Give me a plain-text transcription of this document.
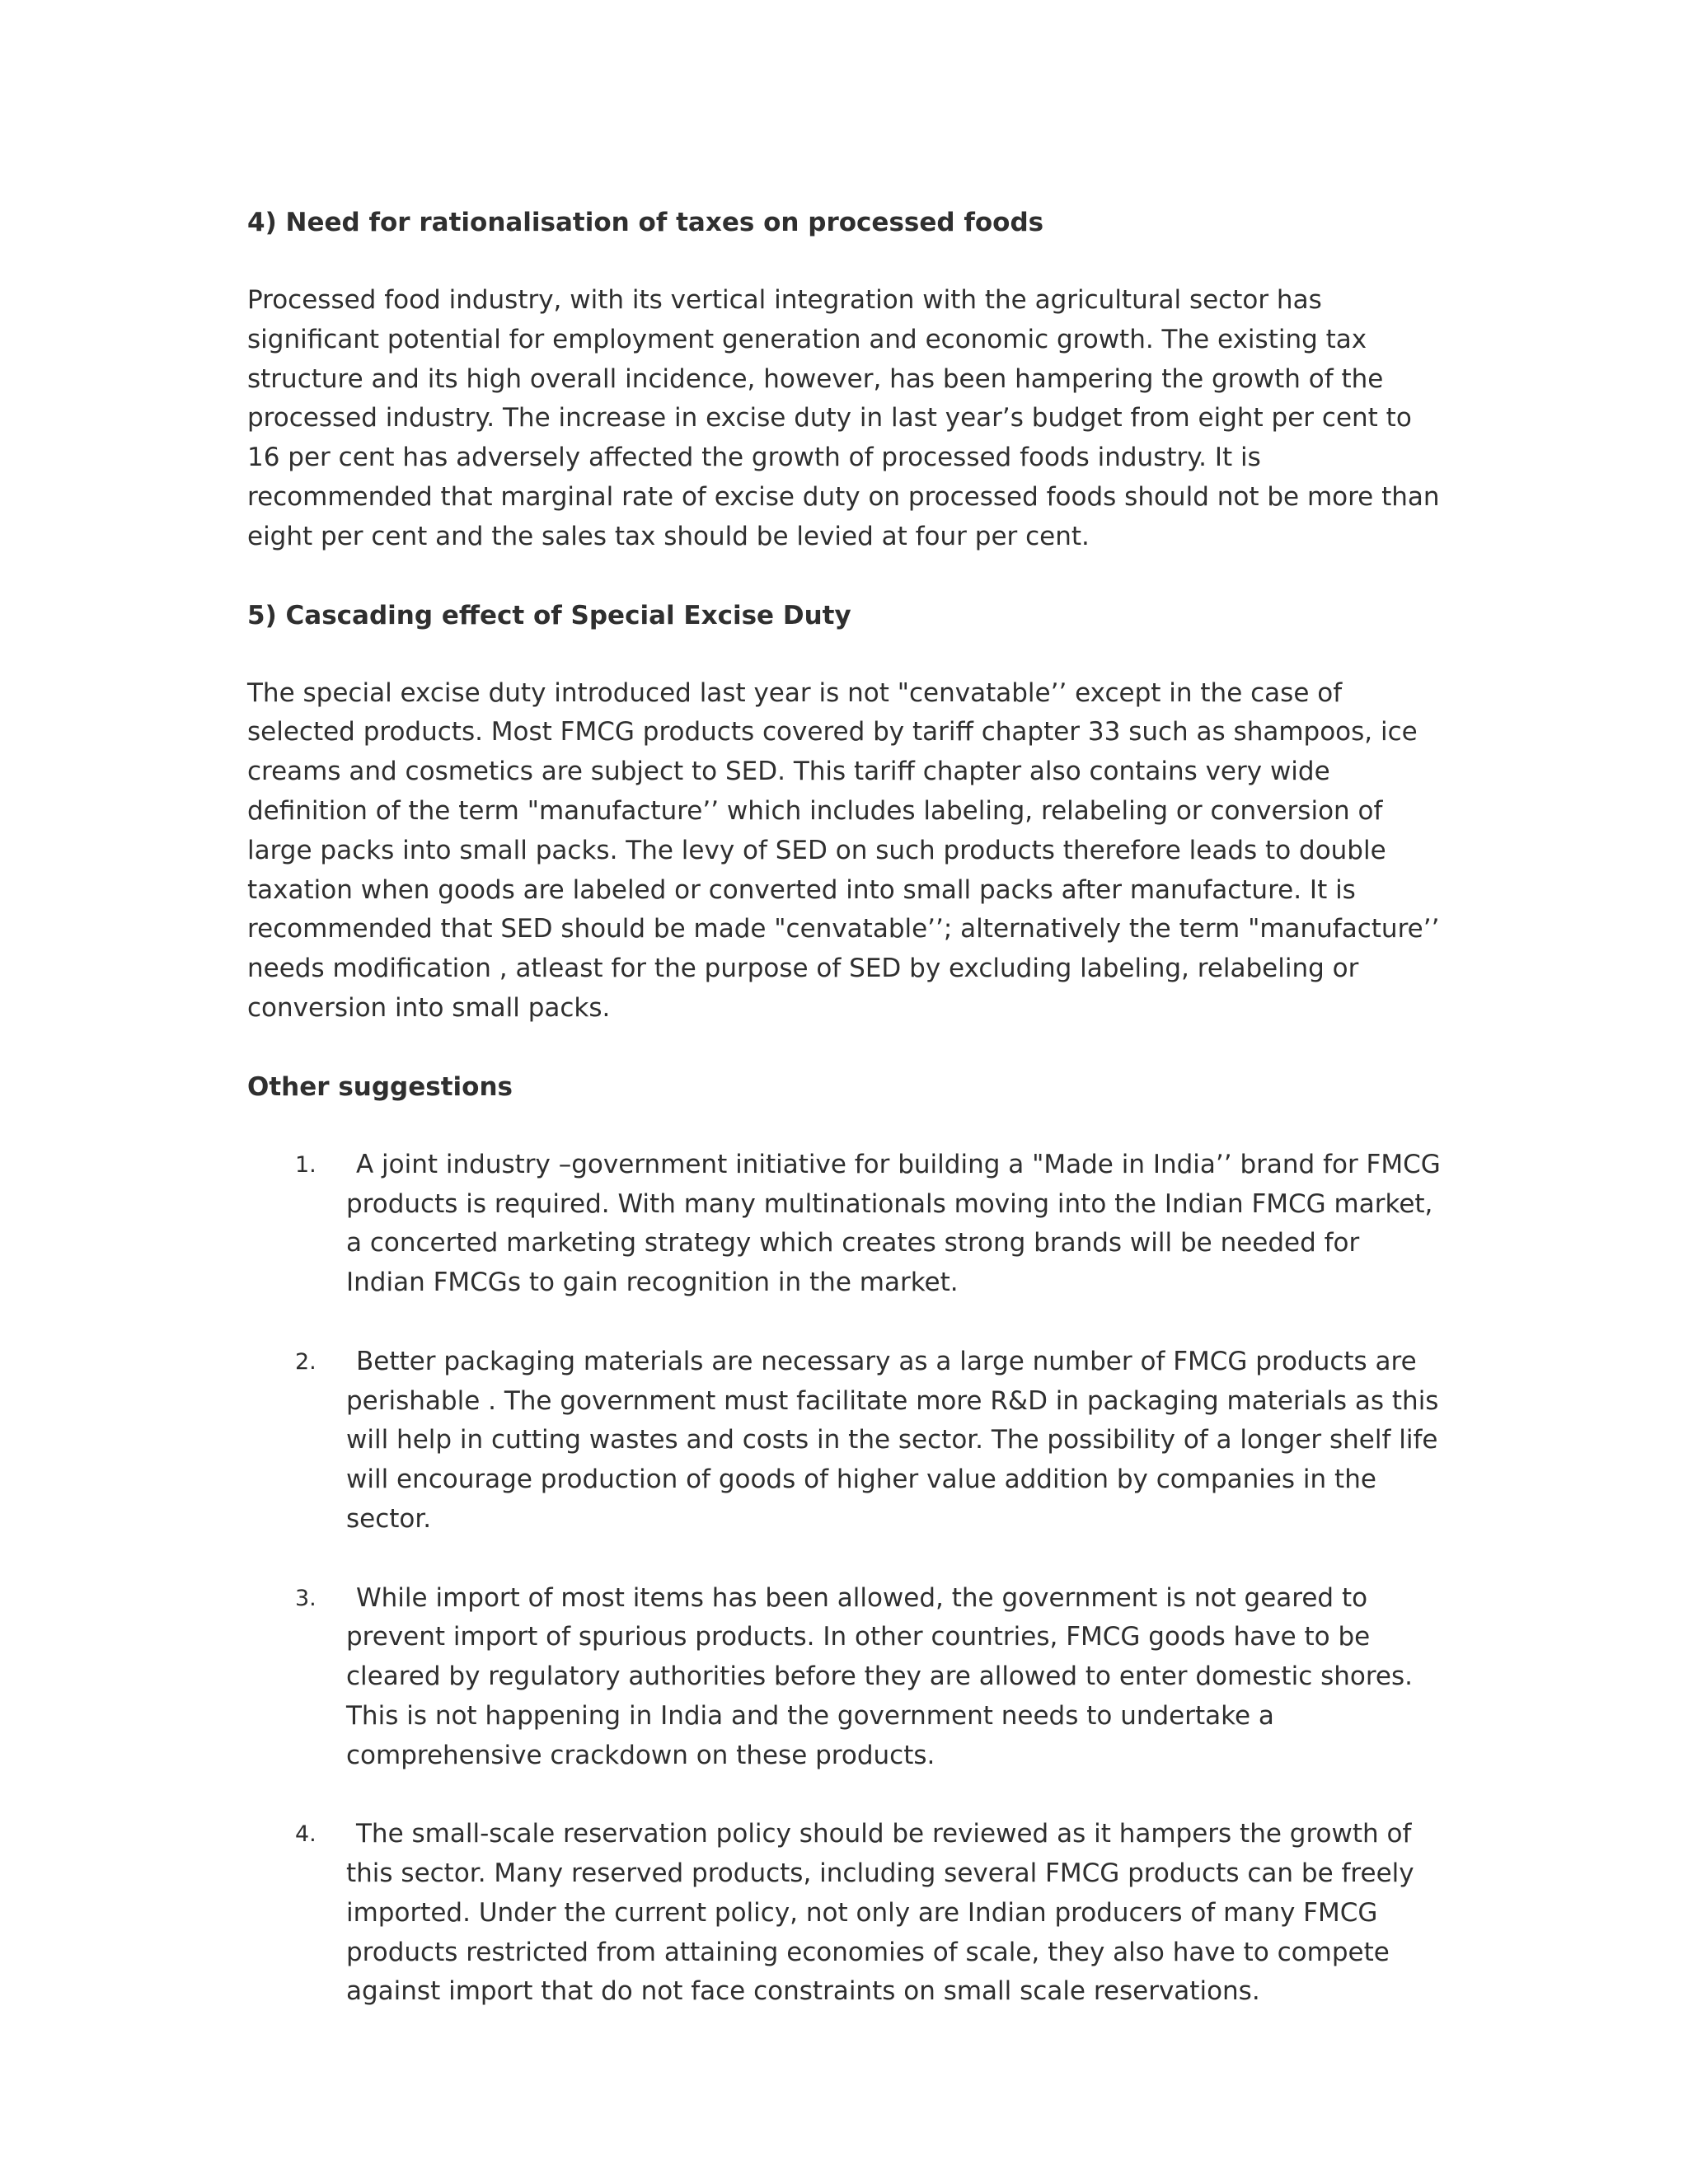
4) Need for rationalisation of taxes on processed foods

Processed food industry, with its vertical integration with the agricultural sector has significant potential for employment generation and economic growth. The existing tax structure and its high overall incidence, however, has been hampering the growth of the processed industry. The increase in excise duty in last year’s budget from eight per cent to 16 per cent has adversely affected the growth of processed foods industry. It is recommended that marginal rate of excise duty on processed foods should not be more than eight per cent and the sales tax should be levied at four per cent.

5) Cascading effect of Special Excise Duty

The special excise duty introduced last year is not "cenvatable’’ except in the case of selected products. Most FMCG products covered by tariff chapter 33 such as shampoos, ice creams and cosmetics are subject to SED. This tariff chapter also contains very wide definition of the term "manufacture’’ which includes labeling, relabeling or conversion of large packs into small packs. The levy of SED on such products therefore leads to double taxation when goods are labeled or converted into small packs after manufacture. It is recommended that SED should be made "cenvatable’’; alternatively the term "manufacture’’ needs modification , atleast for the purpose of SED by excluding labeling, relabeling or conversion into small packs.

Other suggestions
1.	A joint industry –government initiative for building a "Made in India’’ brand for FMCG products is required. With many multinationals moving into the Indian FMCG market, a concerted marketing strategy which creates strong brands will be needed for Indian FMCGs to gain recognition in the market.
2.	Better packaging materials are necessary as a large number of FMCG products are perishable . The government must facilitate more R&D in packaging materials as this will help in cutting wastes and costs in the sector. The possibility of a longer shelf life will encourage production of goods of higher value addition by companies in the sector.
3.	While import of most items has been allowed, the government is not geared to prevent import of spurious products. In other countries, FMCG goods have to be cleared by regulatory authorities before they are allowed to enter domestic shores. This is not happening in India and the government needs to undertake a comprehensive crackdown on these products.
4.	The small-scale reservation policy should be reviewed as it hampers the growth of this sector. Many reserved products, including several FMCG products can be freely imported. Under the current policy, not only are Indian producers of many FMCG products restricted from attaining economies of scale, they also have to compete against import that do not face constraints on small scale reservations.
